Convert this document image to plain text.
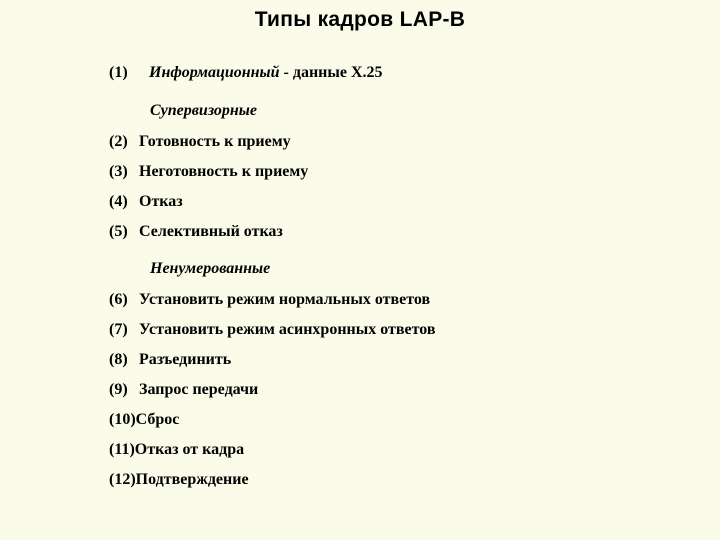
Типы кадров LAP-B
(1) Информационный - данные X.25
Супервизорные
(2) Готовность к приему
(3) Неготовность к приему
(4) Отказ
(5) Селективный отказ
Ненумерованные
(6) Установить режим нормальных ответов
(7) Установить режим асинхронных ответов
(8) Разъединить
(9) Запрос передачи
(10)Сброс
(11)Отказ от кадра
(12)Подтверждение
